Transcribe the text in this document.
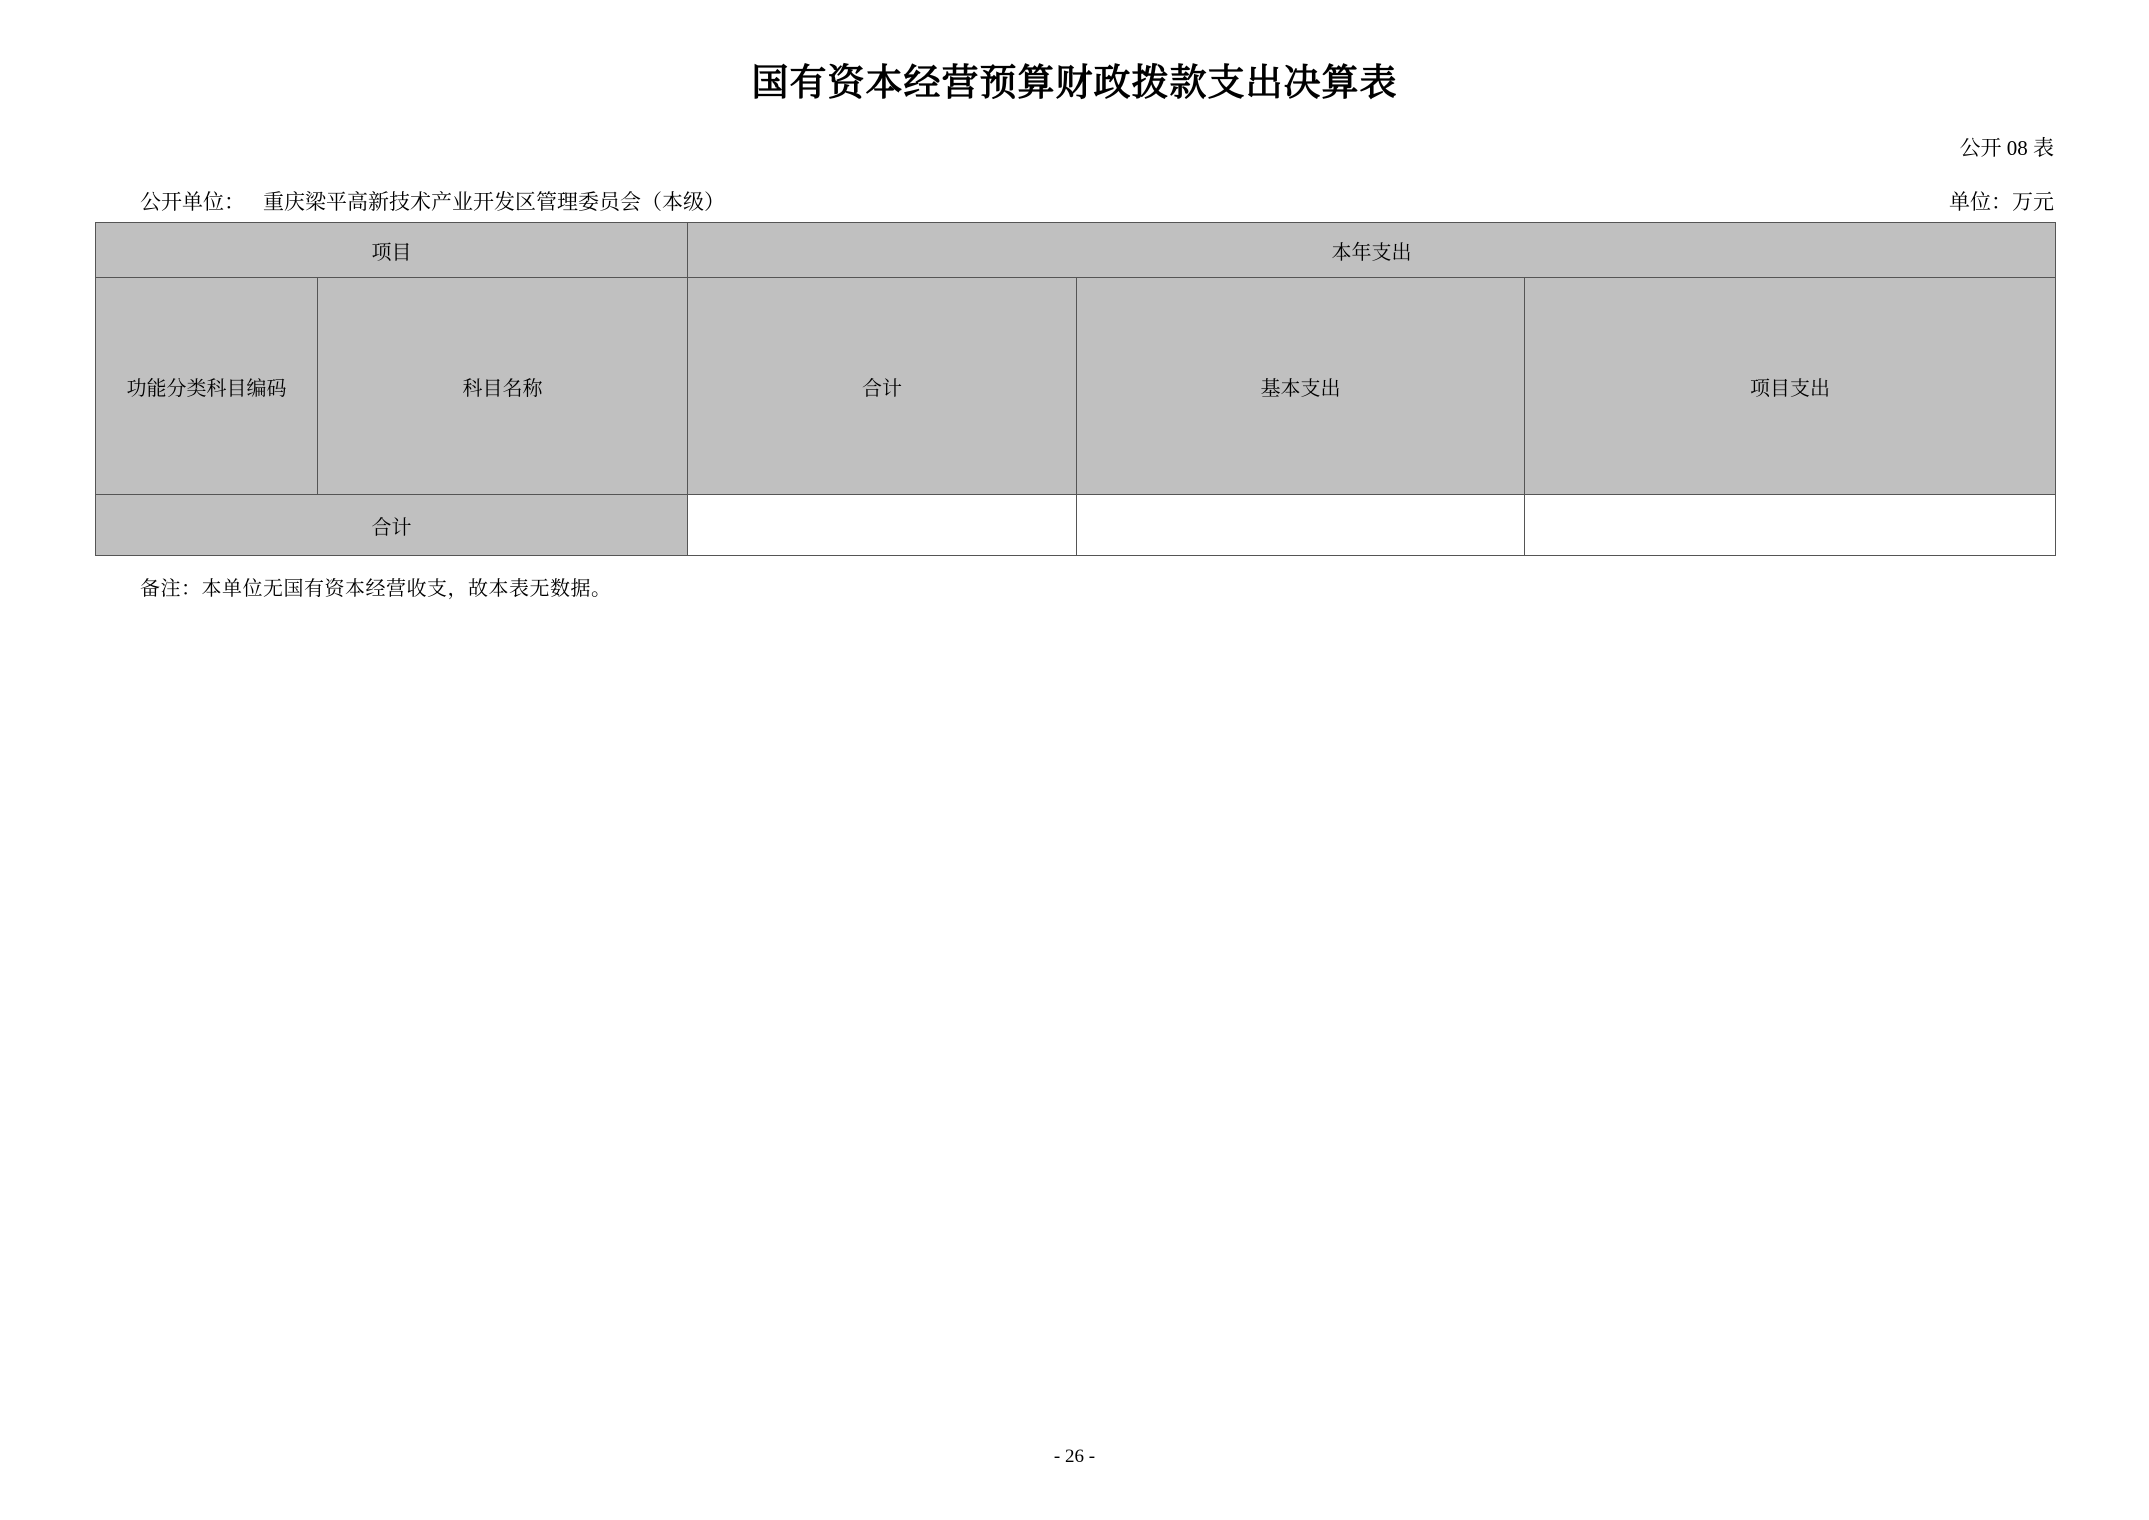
国有资本经营预算财政拨款支出决算表
公开 08 表
公开单位： 重庆梁平高新技术产业开发区管理委员会（本级）	单位：万元
项目		本年支出		
功能分类科目编码	科目名称	合计	基本支出	项目支出
合计				
备注：本单位无国有资本经营收支，故本表无数据。
- 26 -
